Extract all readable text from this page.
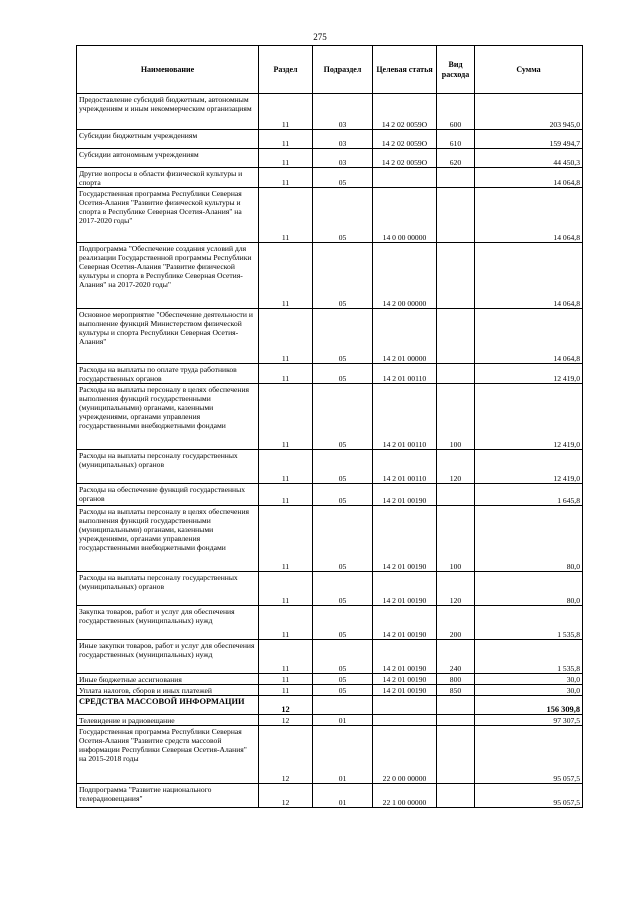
275
Наименование	Раздел	Подраздел	Целевая статья	Вид расхода	Сумма
Предоставление субсидий бюджетным, автономным учреждениям и иным некоммерческим организациям	11	03	14 2 02 0059О	600	203 945,0
Субсидии бюджетным учреждениям	11	03	14 2 02 0059О	610	159 494,7
Субсидии автономным учреждениям	11	03	14 2 02 0059О	620	44 450,3
Другие вопросы в области физической культуры и спорта	11	05			14 064,8
Государственная программа Республики Северная Осетия-Алания "Развитие физической культуры и спорта в Республике Северная Осетия-Алания" на 2017-2020 годы"	11	05	14 0 00 00000		14 064,8
Подпрограмма "Обеспечение создания условий для реализации Государственной программы Республики Северная Осетия-Алания "Развитие физической культуры и спорта в Республике Северная Осетия-Алания" на 2017-2020 годы"	11	05	14 2 00 00000		14 064,8
Основное мероприятие "Обеспечение деятельности и выполнение функций Министерством физической культуры и спорта Республики Северная Осетия-Алания"	11	05	14 2 01 00000		14 064,8
Расходы на выплаты по оплате труда работников государственных органов	11	05	14 2 01 00110		12 419,0
Расходы на выплаты персоналу в целях обеспечения выполнения функций государственными (муниципальными) органами, казенными учреждениями, органами управления государственными внебюджетными фондами	11	05	14 2 01 00110	100	12 419,0
Расходы на выплаты персоналу государственных (муниципальных) органов	11	05	14 2 01 00110	120	12 419,0
Расходы на обеспечение функций государственных органов	11	05	14 2 01 00190		1 645,8
Расходы на выплаты персоналу в целях обеспечения выполнения функций государственными (муниципальными) органами, казенными учреждениями, органами управления государственными внебюджетными фондами	11	05	14 2 01 00190	100	80,0
Расходы на выплаты персоналу государственных (муниципальных) органов	11	05	14 2 01 00190	120	80,0
Закупка товаров, работ и услуг для обеспечения государственных (муниципальных) нужд	11	05	14 2 01 00190	200	1 535,8
Иные закупки товаров, работ и услуг для обеспечения государственных (муниципальных) нужд	11	05	14 2 01 00190	240	1 535,8
Иные бюджетные ассигнования	11	05	14 2 01 00190	800	30,0
Уплата налогов, сборов и иных платежей	11	05	14 2 01 00190	850	30,0
СРЕДСТВА МАССОВОЙ ИНФОРМАЦИИ	12				156 309,8
Телевидение и радиовещание	12	01			97 307,5
Государственная программа Республики Северная Осетия-Алания "Развитие средств массовой информации Республики Северная Осетия-Алания" на 2015-2018 годы	12	01	22 0 00 00000		95 057,5
Подпрограмма "Развитие национального телерадиовещания"	12	01	22 1 00 00000		95 057,5
